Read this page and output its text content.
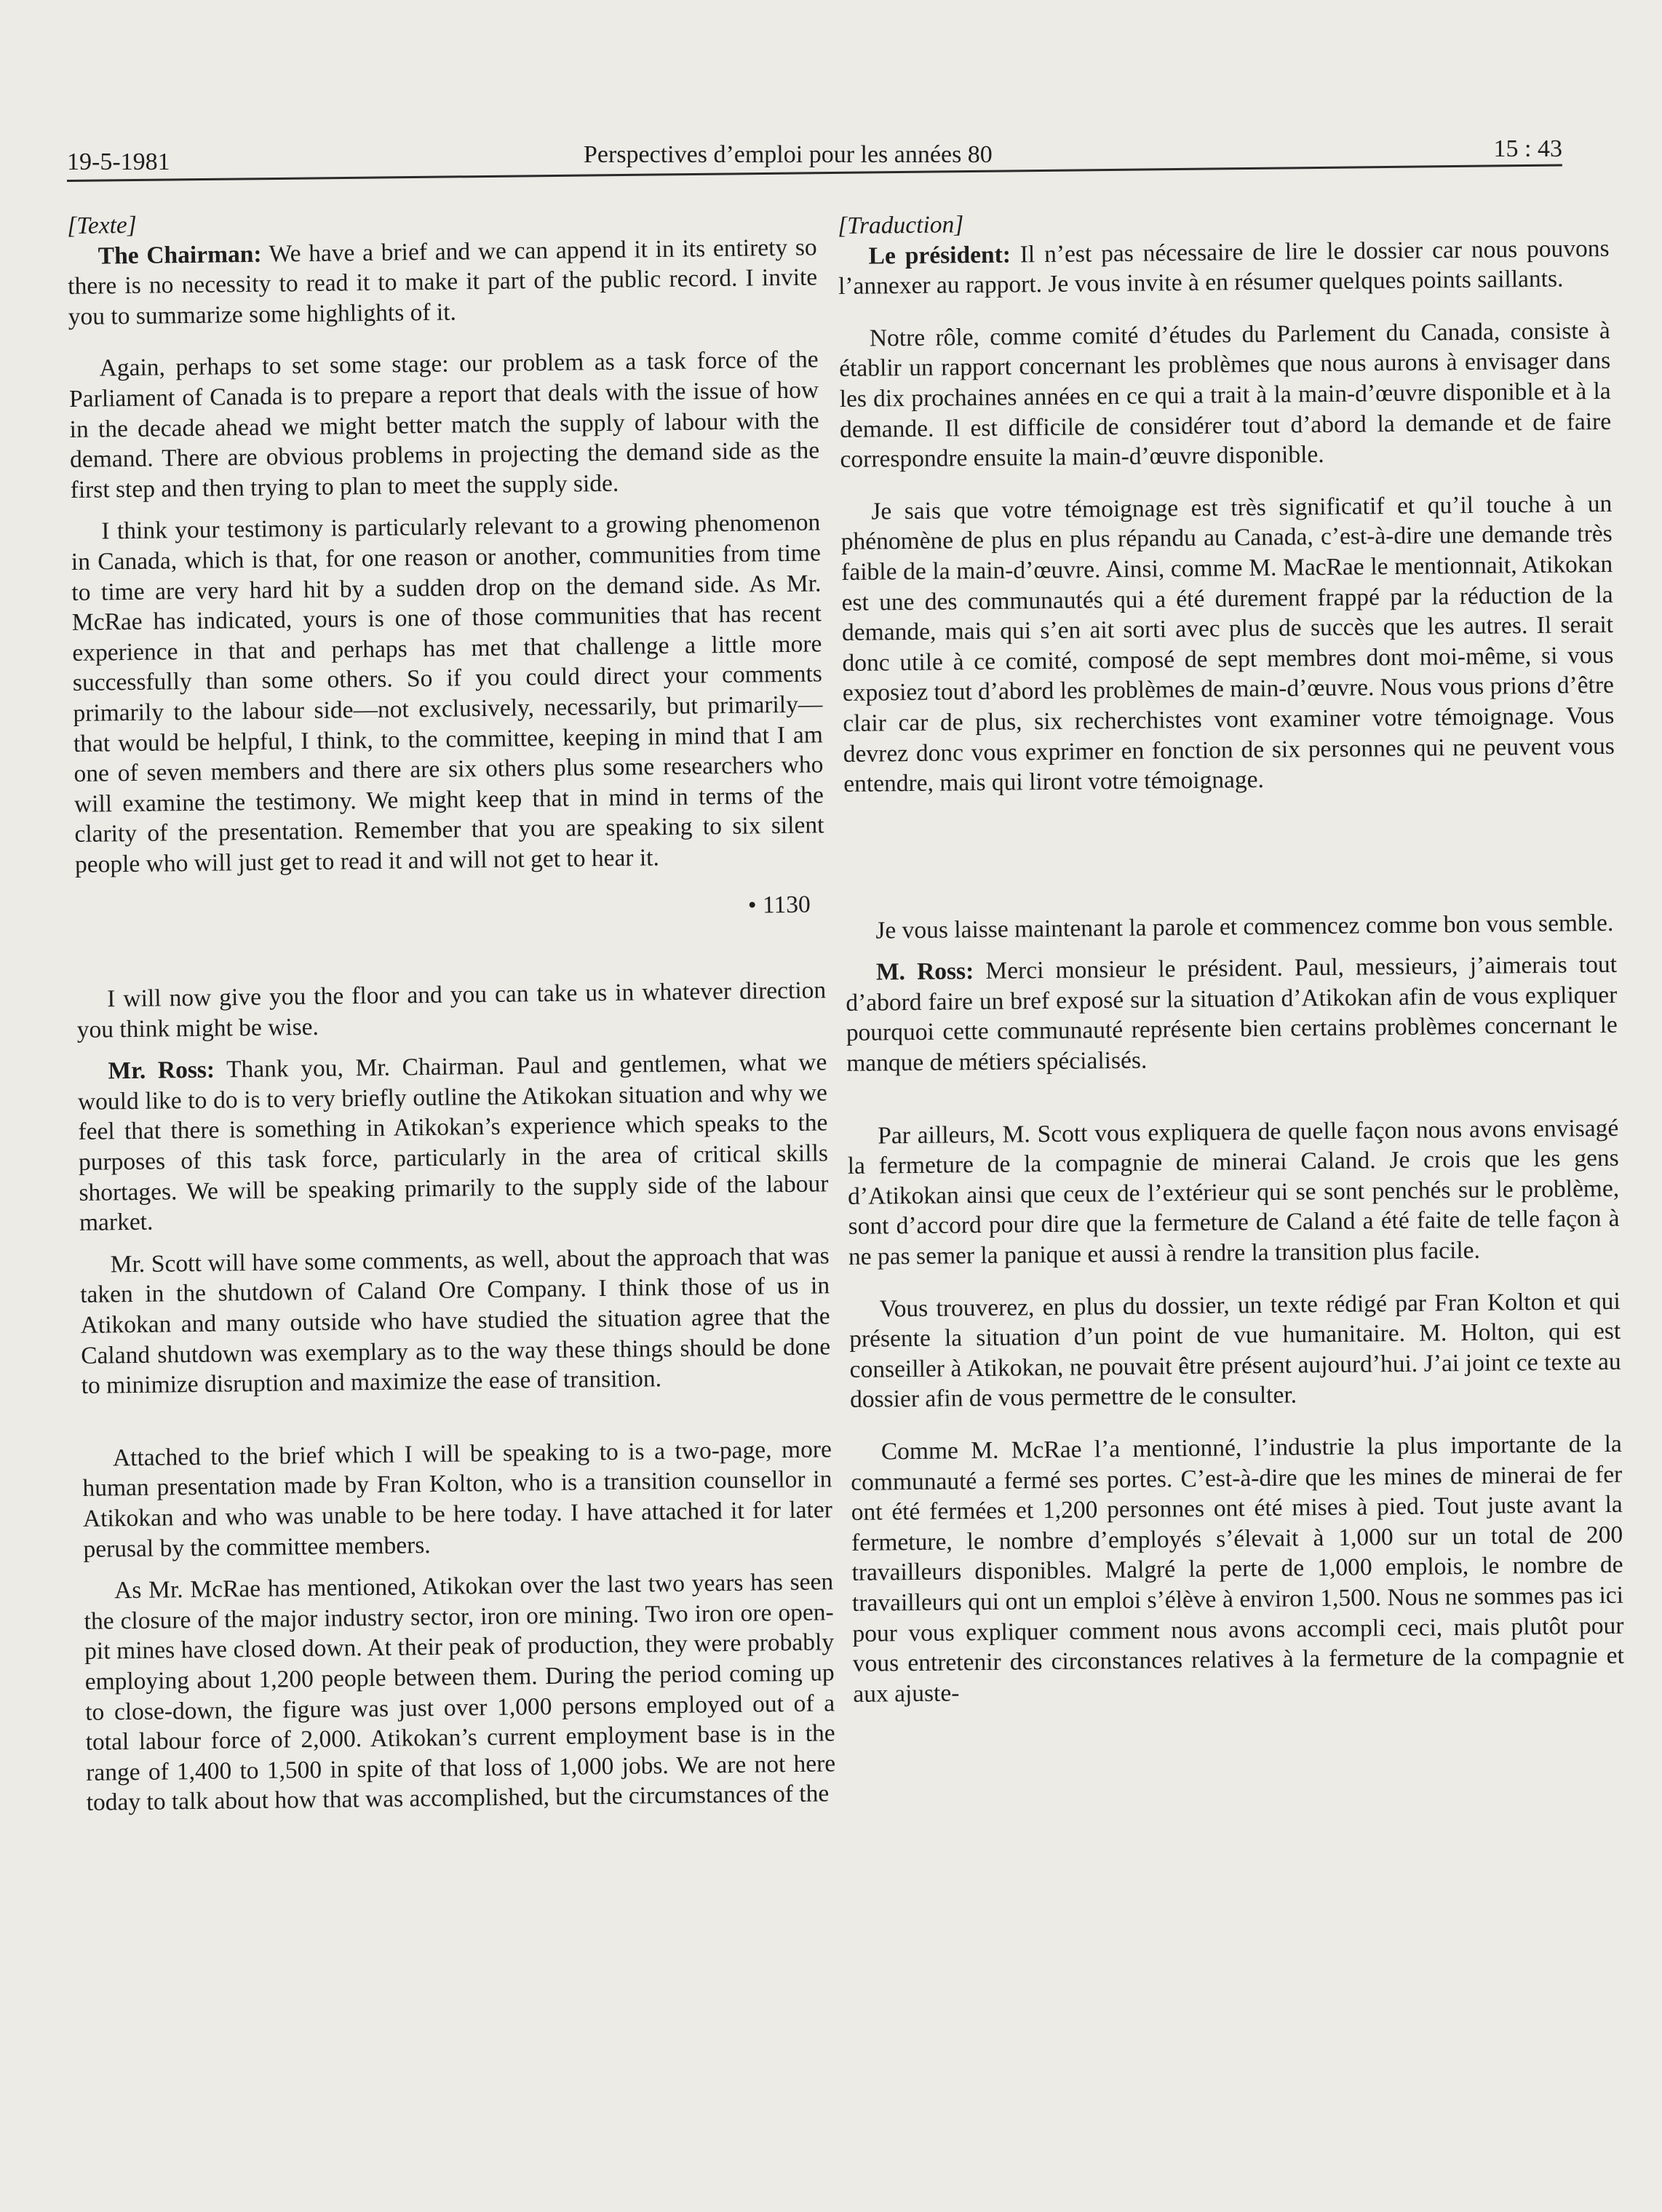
19-5-1981	Perspectives d’emploi pour les années 80	15 : 43

[Texte]

The Chairman: We have a brief and we can append it in its entirety so there is no necessity to read it to make it part of the public record. I invite you to summarize some highlights of it.

Again, perhaps to set some stage: our problem as a task force of the Parliament of Canada is to prepare a report that deals with the issue of how in the decade ahead we might better match the supply of labour with the demand. There are obvious problems in projecting the demand side as the first step and then trying to plan to meet the supply side.

I think your testimony is particularly relevant to a growing phenomenon in Canada, which is that, for one reason or another, communities from time to time are very hard hit by a sudden drop on the demand side. As Mr. McRae has indicated, yours is one of those communities that has recent experience in that and perhaps has met that challenge a little more successfully than some others. So if you could direct your comments primarily to the labour side—not exclusively, necessarily, but primarily—that would be helpful, I think, to the committee, keeping in mind that I am one of seven members and there are six others plus some researchers who will examine the testimony. We might keep that in mind in terms of the clarity of the presentation. Remember that you are speaking to six silent people who will just get to read it and will not get to hear it.

• 1130

I will now give you the floor and you can take us in whatever direction you think might be wise.

Mr. Ross: Thank you, Mr. Chairman. Paul and gentlemen, what we would like to do is to very briefly outline the Atikokan situation and why we feel that there is something in Atikokan’s experience which speaks to the purposes of this task force, particularly in the area of critical skills shortages. We will be speaking primarily to the supply side of the labour market.

Mr. Scott will have some comments, as well, about the approach that was taken in the shutdown of Caland Ore Company. I think those of us in Atikokan and many outside who have studied the situation agree that the Caland shutdown was exemplary as to the way these things should be done to minimize disruption and maximize the ease of transition.

Attached to the brief which I will be speaking to is a two-page, more human presentation made by Fran Kolton, who is a transition counsellor in Atikokan and who was unable to be here today. I have attached it for later perusal by the committee members.

As Mr. McRae has mentioned, Atikokan over the last two years has seen the closure of the major industry sector, iron ore mining. Two iron ore open-pit mines have closed down. At their peak of production, they were probably employing about 1,200 people between them. During the period coming up to close-down, the figure was just over 1,000 persons employed out of a total labour force of 2,000. Atikokan’s current employment base is in the range of 1,400 to 1,500 in spite of that loss of 1,000 jobs. We are not here today to talk about how that was accomplished, but the circumstances of the

[Traduction]

Le président: Il n’est pas nécessaire de lire le dossier car nous pouvons l’annexer au rapport. Je vous invite à en résumer quelques points saillants.

Notre rôle, comme comité d’études du Parlement du Canada, consiste à établir un rapport concernant les problèmes que nous aurons à envisager dans les dix prochaines années en ce qui a trait à la main-d’œuvre disponible et à la demande. Il est difficile de considérer tout d’abord la demande et de faire correspondre ensuite la main-d’œuvre disponible.

Je sais que votre témoignage est très significatif et qu’il touche à un phénomène de plus en plus répandu au Canada, c’est-à-dire une demande très faible de la main-d’œuvre. Ainsi, comme M. MacRae le mentionnait, Atikokan est une des communautés qui a été durement frappé par la réduction de la demande, mais qui s’en ait sorti avec plus de succès que les autres. Il serait donc utile à ce comité, composé de sept membres dont moi-même, si vous exposiez tout d’abord les problèmes de main-d’œuvre. Nous vous prions d’être clair car de plus, six recherchistes vont examiner votre témoignage. Vous devrez donc vous exprimer en fonction de six personnes qui ne peuvent vous entendre, mais qui liront votre témoignage.

Je vous laisse maintenant la parole et commencez comme bon vous semble.

M. Ross: Merci monsieur le président. Paul, messieurs, j’aimerais tout d’abord faire un bref exposé sur la situation d’Atikokan afin de vous expliquer pourquoi cette communauté représente bien certains problèmes concernant le manque de métiers spécialisés.

Par ailleurs, M. Scott vous expliquera de quelle façon nous avons envisagé la fermeture de la compagnie de minerai Caland. Je crois que les gens d’Atikokan ainsi que ceux de l’extérieur qui se sont penchés sur le problème, sont d’accord pour dire que la fermeture de Caland a été faite de telle façon à ne pas semer la panique et aussi à rendre la transition plus facile.

Vous trouverez, en plus du dossier, un texte rédigé par Fran Kolton et qui présente la situation d’un point de vue humanitaire. M. Holton, qui est conseiller à Atikokan, ne pouvait être présent aujourd’hui. J’ai joint ce texte au dossier afin de vous permettre de le consulter.

Comme M. McRae l’a mentionné, l’industrie la plus importante de la communauté a fermé ses portes. C’est-à-dire que les mines de minerai de fer ont été fermées et 1,200 personnes ont été mises à pied. Tout juste avant la fermeture, le nombre d’employés s’élevait à 1,000 sur un total de 200 travailleurs disponibles. Malgré la perte de 1,000 emplois, le nombre de travailleurs qui ont un emploi s’élève à environ 1,500. Nous ne sommes pas ici pour vous expliquer comment nous avons accompli ceci, mais plutôt pour vous entretenir des circonstances relatives à la fermeture de la compagnie et aux ajuste-
